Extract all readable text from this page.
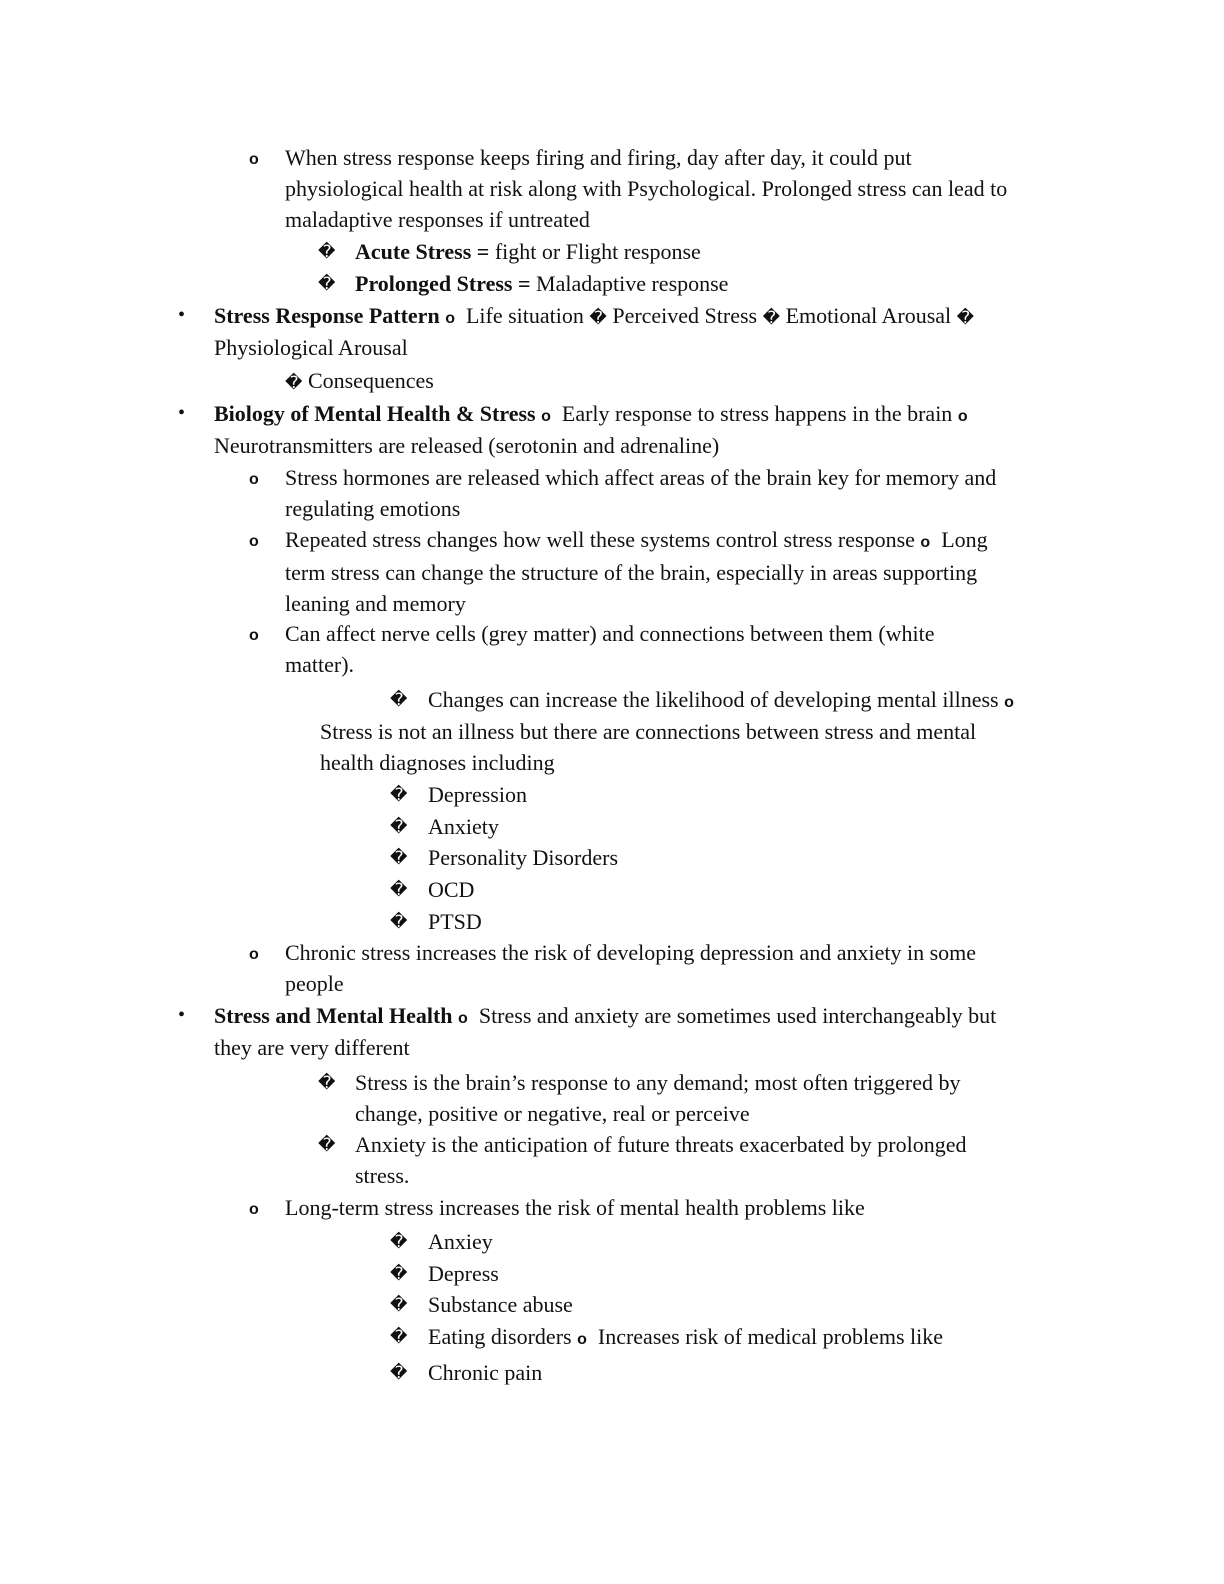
o When stress response keeps firing and firing, day after day, it could put
physiological health at risk along with Psychological. Prolonged stress can lead to
maladaptive responses if untreated
� Acute Stress = fight or Flight response
� Prolonged Stress = Maladaptive response
• Stress Response Pattern o Life situation � Perceived Stress � Emotional Arousal �
Physiological Arousal
� Consequences
• Biology of Mental Health & Stress o Early response to stress happens in the brain o
Neurotransmitters are released (serotonin and adrenaline)
o Stress hormones are released which affect areas of the brain key for memory and
regulating emotions
o Repeated stress changes how well these systems control stress response o Long
term stress can change the structure of the brain, especially in areas supporting
leaning and memory
o Can affect nerve cells (grey matter) and connections between them (white
matter).
� Changes can increase the likelihood of developing mental illness o
Stress is not an illness but there are connections between stress and mental
health diagnoses including
� Depression
� Anxiety
� Personality Disorders
� OCD
� PTSD
o Chronic stress increases the risk of developing depression and anxiety in some
people
• Stress and Mental Health o Stress and anxiety are sometimes used interchangeably but
they are very different
� Stress is the brain’s response to any demand; most often triggered by
change, positive or negative, real or perceive
� Anxiety is the anticipation of future threats exacerbated by prolonged
stress.
o Long-term stress increases the risk of mental health problems like
� Anxiey
� Depress
� Substance abuse
� Eating disorders o Increases risk of medical problems like
� Chronic pain
